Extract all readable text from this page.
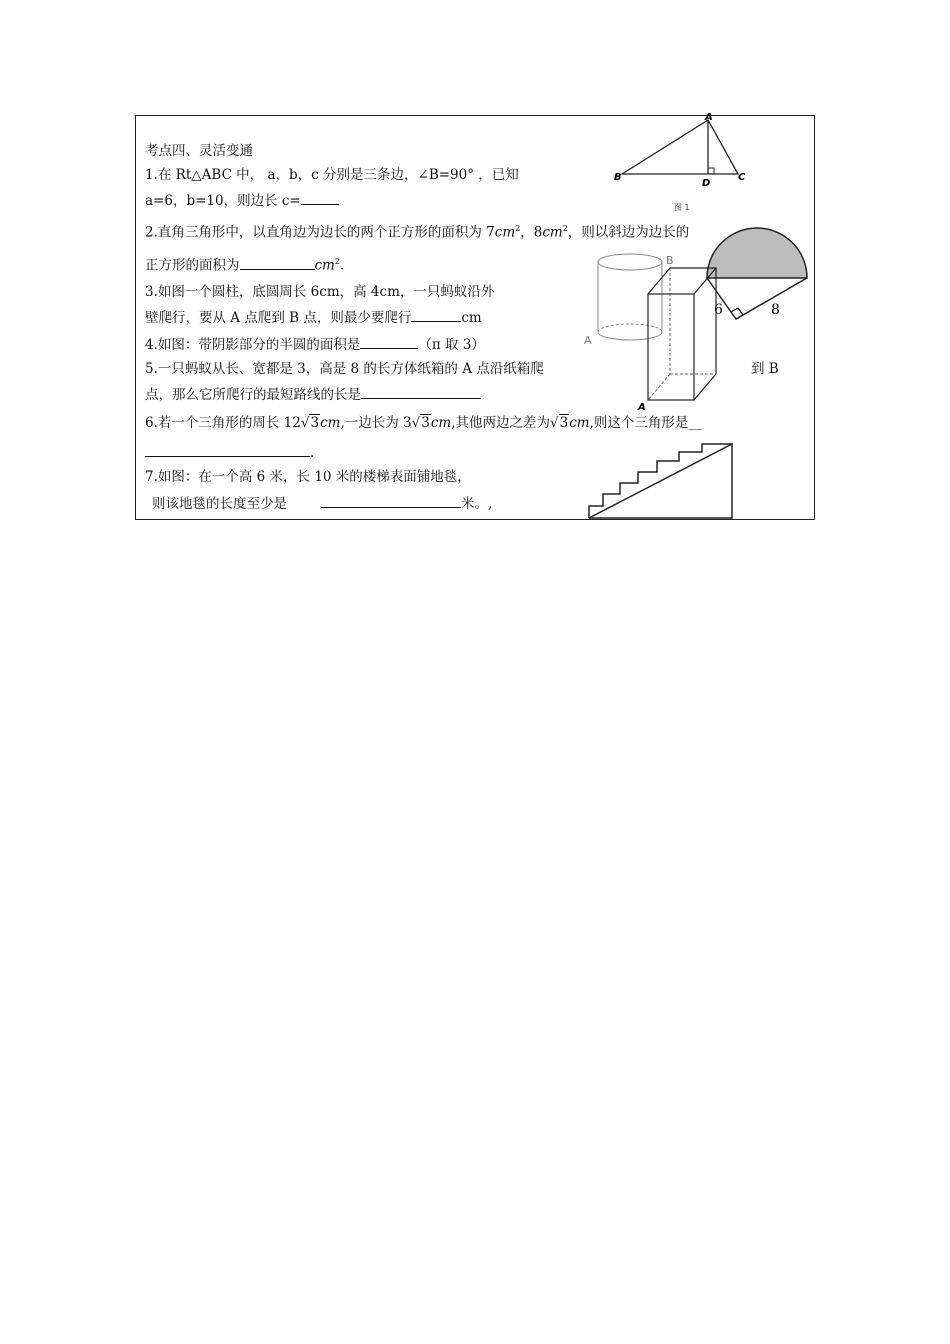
考点四、灵活变通
1.在 Rt△ABC 中， a，b，c 分别是三条边，∠B=90° ，已知
a=6，b=10，则边长 c=
2.直角三角形中，以直角边为边长的两个正方形的面积为 $7cm^2$，$8cm^2$，则以斜边为边长的
正方形的面积为	$cm^2$.
3.如图一个圆柱，底圆周长 6cm，高 4cm，一只蚂蚁沿外
壁爬行，要从 A 点爬到 B 点，则最少要爬行	cm
4.如图：带阴影部分的半圆的面积是	（π 取 3）
5.一只蚂蚁从长、宽都是 3，高是 8 的长方体纸箱的 A 点沿纸箱爬	到 B
点，那么它所爬行的最短路线的长是
6.若一个三角形的周长 12√3cm,一边长为 3√3cm,其他两边之差为√3cm,则这个三角形是__
.
7.如图：在一个高 6 米，长 10 米的楼梯表面铺地毯，
则该地毯的长度至少是	米。,
A
B	C
D
图 1
B
A
6	8
A
